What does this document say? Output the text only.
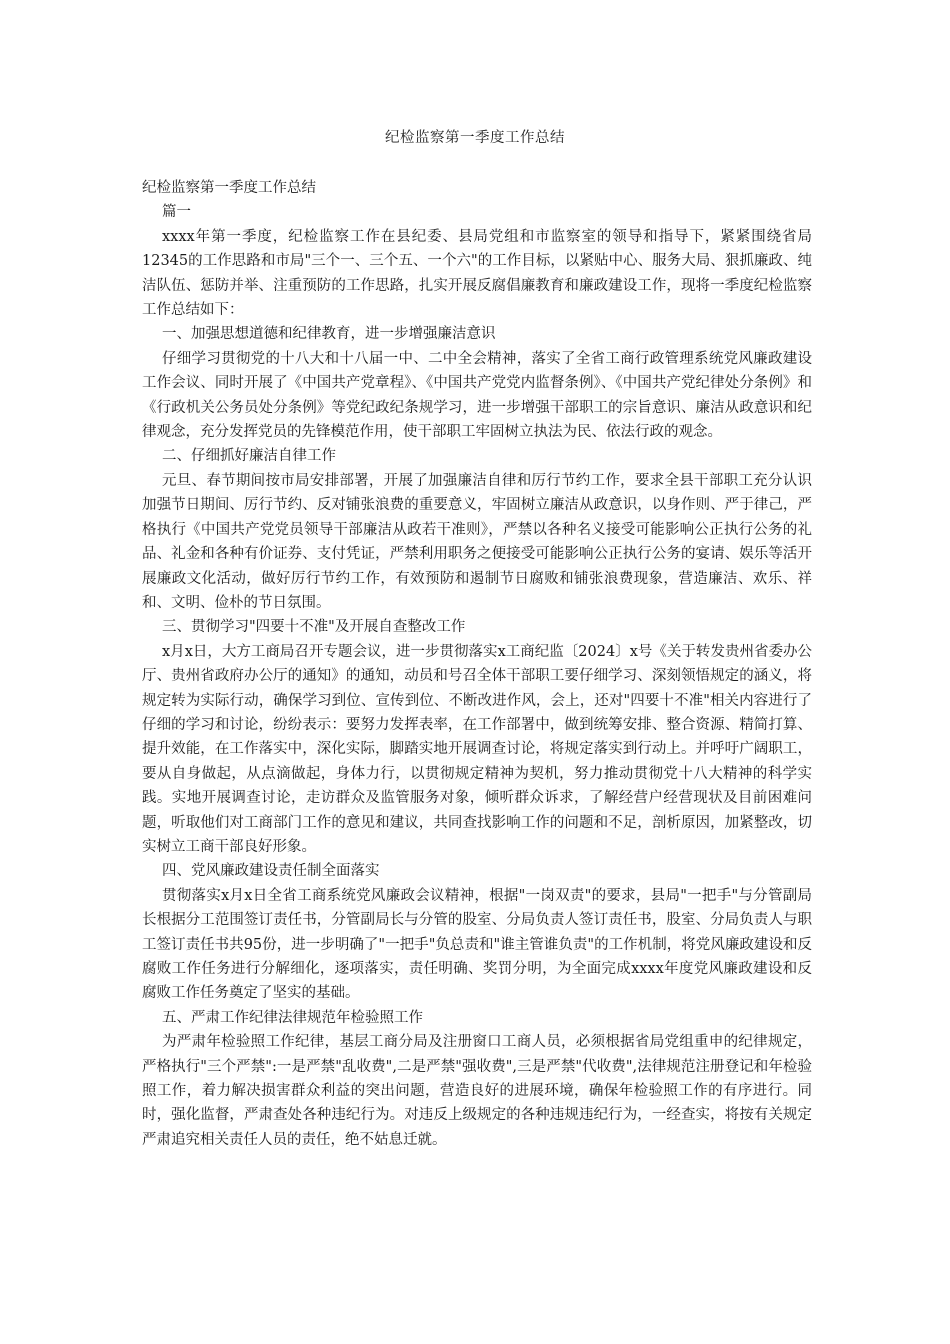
纪检监察第一季度工作总结

纪检监察第一季度工作总结

篇一

xxxx年第一季度，纪检监察工作在县纪委、县局党组和市监察室的领导和指导下，紧紧围绕省局12345的工作思路和市局"三个一、三个五、一个六"的工作目标，以紧贴中心、服务大局、狠抓廉政、纯洁队伍、惩防并举、注重预防的工作思路，扎实开展反腐倡廉教育和廉政建设工作，现将一季度纪检监察工作总结如下：

一、加强思想道德和纪律教育，进一步增强廉洁意识

仔细学习贯彻党的十八大和十八届一中、二中全会精神，落实了全省工商行政管理系统党风廉政建设工作会议、同时开展了《中国共产党章程》、《中国共产党党内监督条例》、《中国共产党纪律处分条例》和《行政机关公务员处分条例》等党纪政纪条规学习，进一步增强干部职工的宗旨意识、廉洁从政意识和纪律观念，充分发挥党员的先锋模范作用，使干部职工牢固树立执法为民、依法行政的观念。

二、仔细抓好廉洁自律工作

元旦、春节期间按市局安排部署，开展了加强廉洁自律和厉行节约工作，要求全县干部职工充分认识加强节日期间、厉行节约、反对铺张浪费的重要意义，牢固树立廉洁从政意识，以身作则、严于律己，严格执行《中国共产党党员领导干部廉洁从政若干准则》，严禁以各种名义接受可能影响公正执行公务的礼品、礼金和各种有价证券、支付凭证，严禁利用职务之便接受可能影响公正执行公务的宴请、娱乐等活开展廉政文化活动，做好厉行节约工作，有效预防和遏制节日腐败和铺张浪费现象，营造廉洁、欢乐、祥和、文明、俭朴的节日氛围。

三、贯彻学习"四要十不准"及开展自查整改工作

x月x日，大方工商局召开专题会议，进一步贯彻落实x工商纪监〔2024〕x号《关于转发贵州省委办公厅、贵州省政府办公厅的通知》的通知，动员和号召全体干部职工要仔细学习、深刻领悟规定的涵义，将规定转为实际行动，确保学习到位、宣传到位、不断改进作风，会上，还对"四要十不准"相关内容进行了仔细的学习和讨论，纷纷表示：要努力发挥表率，在工作部署中，做到统筹安排、整合资源、精简打算、提升效能，在工作落实中，深化实际，脚踏实地开展调查讨论，将规定落实到行动上。并呼吁广阔职工，要从自身做起，从点滴做起，身体力行，以贯彻规定精神为契机，努力推动贯彻党十八大精神的科学实践。实地开展调查讨论，走访群众及监管服务对象，倾听群众诉求，了解经营户经营现状及目前困难问题，听取他们对工商部门工作的意见和建议，共同查找影响工作的问题和不足，剖析原因，加紧整改，切实树立工商干部良好形象。

四、党风廉政建设责任制全面落实

贯彻落实x月x日全省工商系统党风廉政会议精神，根据"一岗双责"的要求，县局"一把手"与分管副局长根据分工范围签订责任书，分管副局长与分管的股室、分局负责人签订责任书，股室、分局负责人与职工签订责任书共95份，进一步明确了"一把手"负总责和"谁主管谁负责"的工作机制，将党风廉政建设和反腐败工作任务进行分解细化，逐项落实，责任明确、奖罚分明，为全面完成xxxx年度党风廉政建设和反腐败工作任务奠定了坚实的基础。

五、严肃工作纪律法律规范年检验照工作

为严肃年检验照工作纪律，基层工商分局及注册窗口工商人员，必须根据省局党组重申的纪律规定，严格执行"三个严禁":一是严禁"乱收费",二是严禁"强收费",三是严禁"代收费",法律规范注册登记和年检验照工作，着力解决损害群众利益的突出问题，营造良好的进展环境，确保年检验照工作的有序进行。同时，强化监督，严肃查处各种违纪行为。对违反上级规定的各种违规违纪行为，一经查实，将按有关规定严肃追究相关责任人员的责任，绝不姑息迁就。
